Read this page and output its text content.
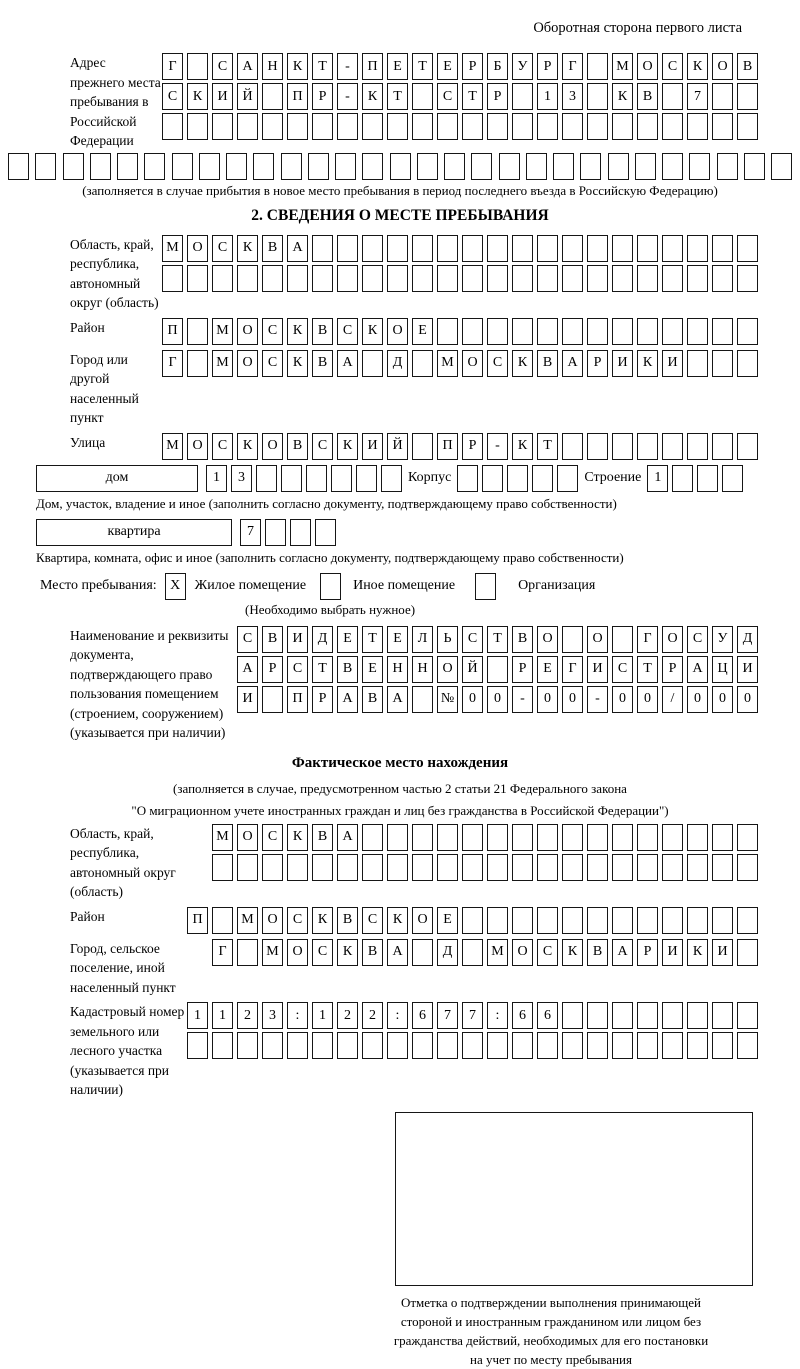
Оборотная сторона первого листа
Адрес прежнего места пребывания в Российской Федерации
Г	С	А	Н	К	Т	-	П	Е	Т	Е	Р	Б	У	Р	Г	М О	С	К	О	В
С	К	И	Й	П	Р	-	К	Т	С	Т	Р	1	3	К	В	7
(заполняется в случае прибытия в новое место пребывания в период последнего въезда в Российскую Федерацию)
2. СВЕДЕНИЯ О МЕСТЕ ПРЕБЫВАНИЯ
Область, край, республика, автономный округ (область)
М О	С	К	В	А
Район	П	М О	С	К	В	С	К	О	Е
Город или другой населенный пункт
Г	М О	С	К	В	А	Д	М О	С	К	В	А	Р	И	К	И
Улица	М О	С	К	О	В	С	К	И	Й	П	Р	-	К	Т
дом	1	3	Корпус	Строение 1
Дом, участок, владение и иное (заполнить согласно документу, подтверждающему право собственности)
квартира	7
Квартира, комната, офис и иное (заполнить согласно документу, подтверждающему право собственности)
Место пребывания: X	Жилое помещение	Иное помещение	Организация
(Необходимо выбрать нужное)
Наименование и реквизиты документа, подтверждающего право пользования помещением (строением, сооружением) (указывается при наличии)
С	В	И	Д	Е	Т	Е	Л	Ь	С	Т	В	О	О	Г	О	С	У	Д
А	Р	С	Т	В	Е	Н	Н	О	Й	Р	Е	Г	И	С	Т	Р	А	Ц	И
И	П	Р	А	В	А	№	0	0	-	0	0	-	0	0	/	0	0	0
Фактическое место нахождения
(заполняется в случае, предусмотренном частью 2 статьи 21 Федерального закона
"О миграционном учете иностранных граждан и лиц без гражданства в Российской Федерации")
Область, край, республика, автономный округ (область)
М О	С	К	В	А
Район	П	М О	С	К	В	С	К	О	Е
Город, сельское поселение, иной населенный пункт
Г	М О	С	К	В	А	Д	М О	С	К	В	А	Р	И	К	И
Кадастровый номер земельного или лесного участка (указывается при наличии)
1	1	2	3	:	1	2	2	:	6	7	7	:	6	6
Отметка о подтверждении выполнения принимающей
стороной и иностранным гражданином или лицом без
гражданства действий, необходимых для его постановки
на учет по месту пребывания
